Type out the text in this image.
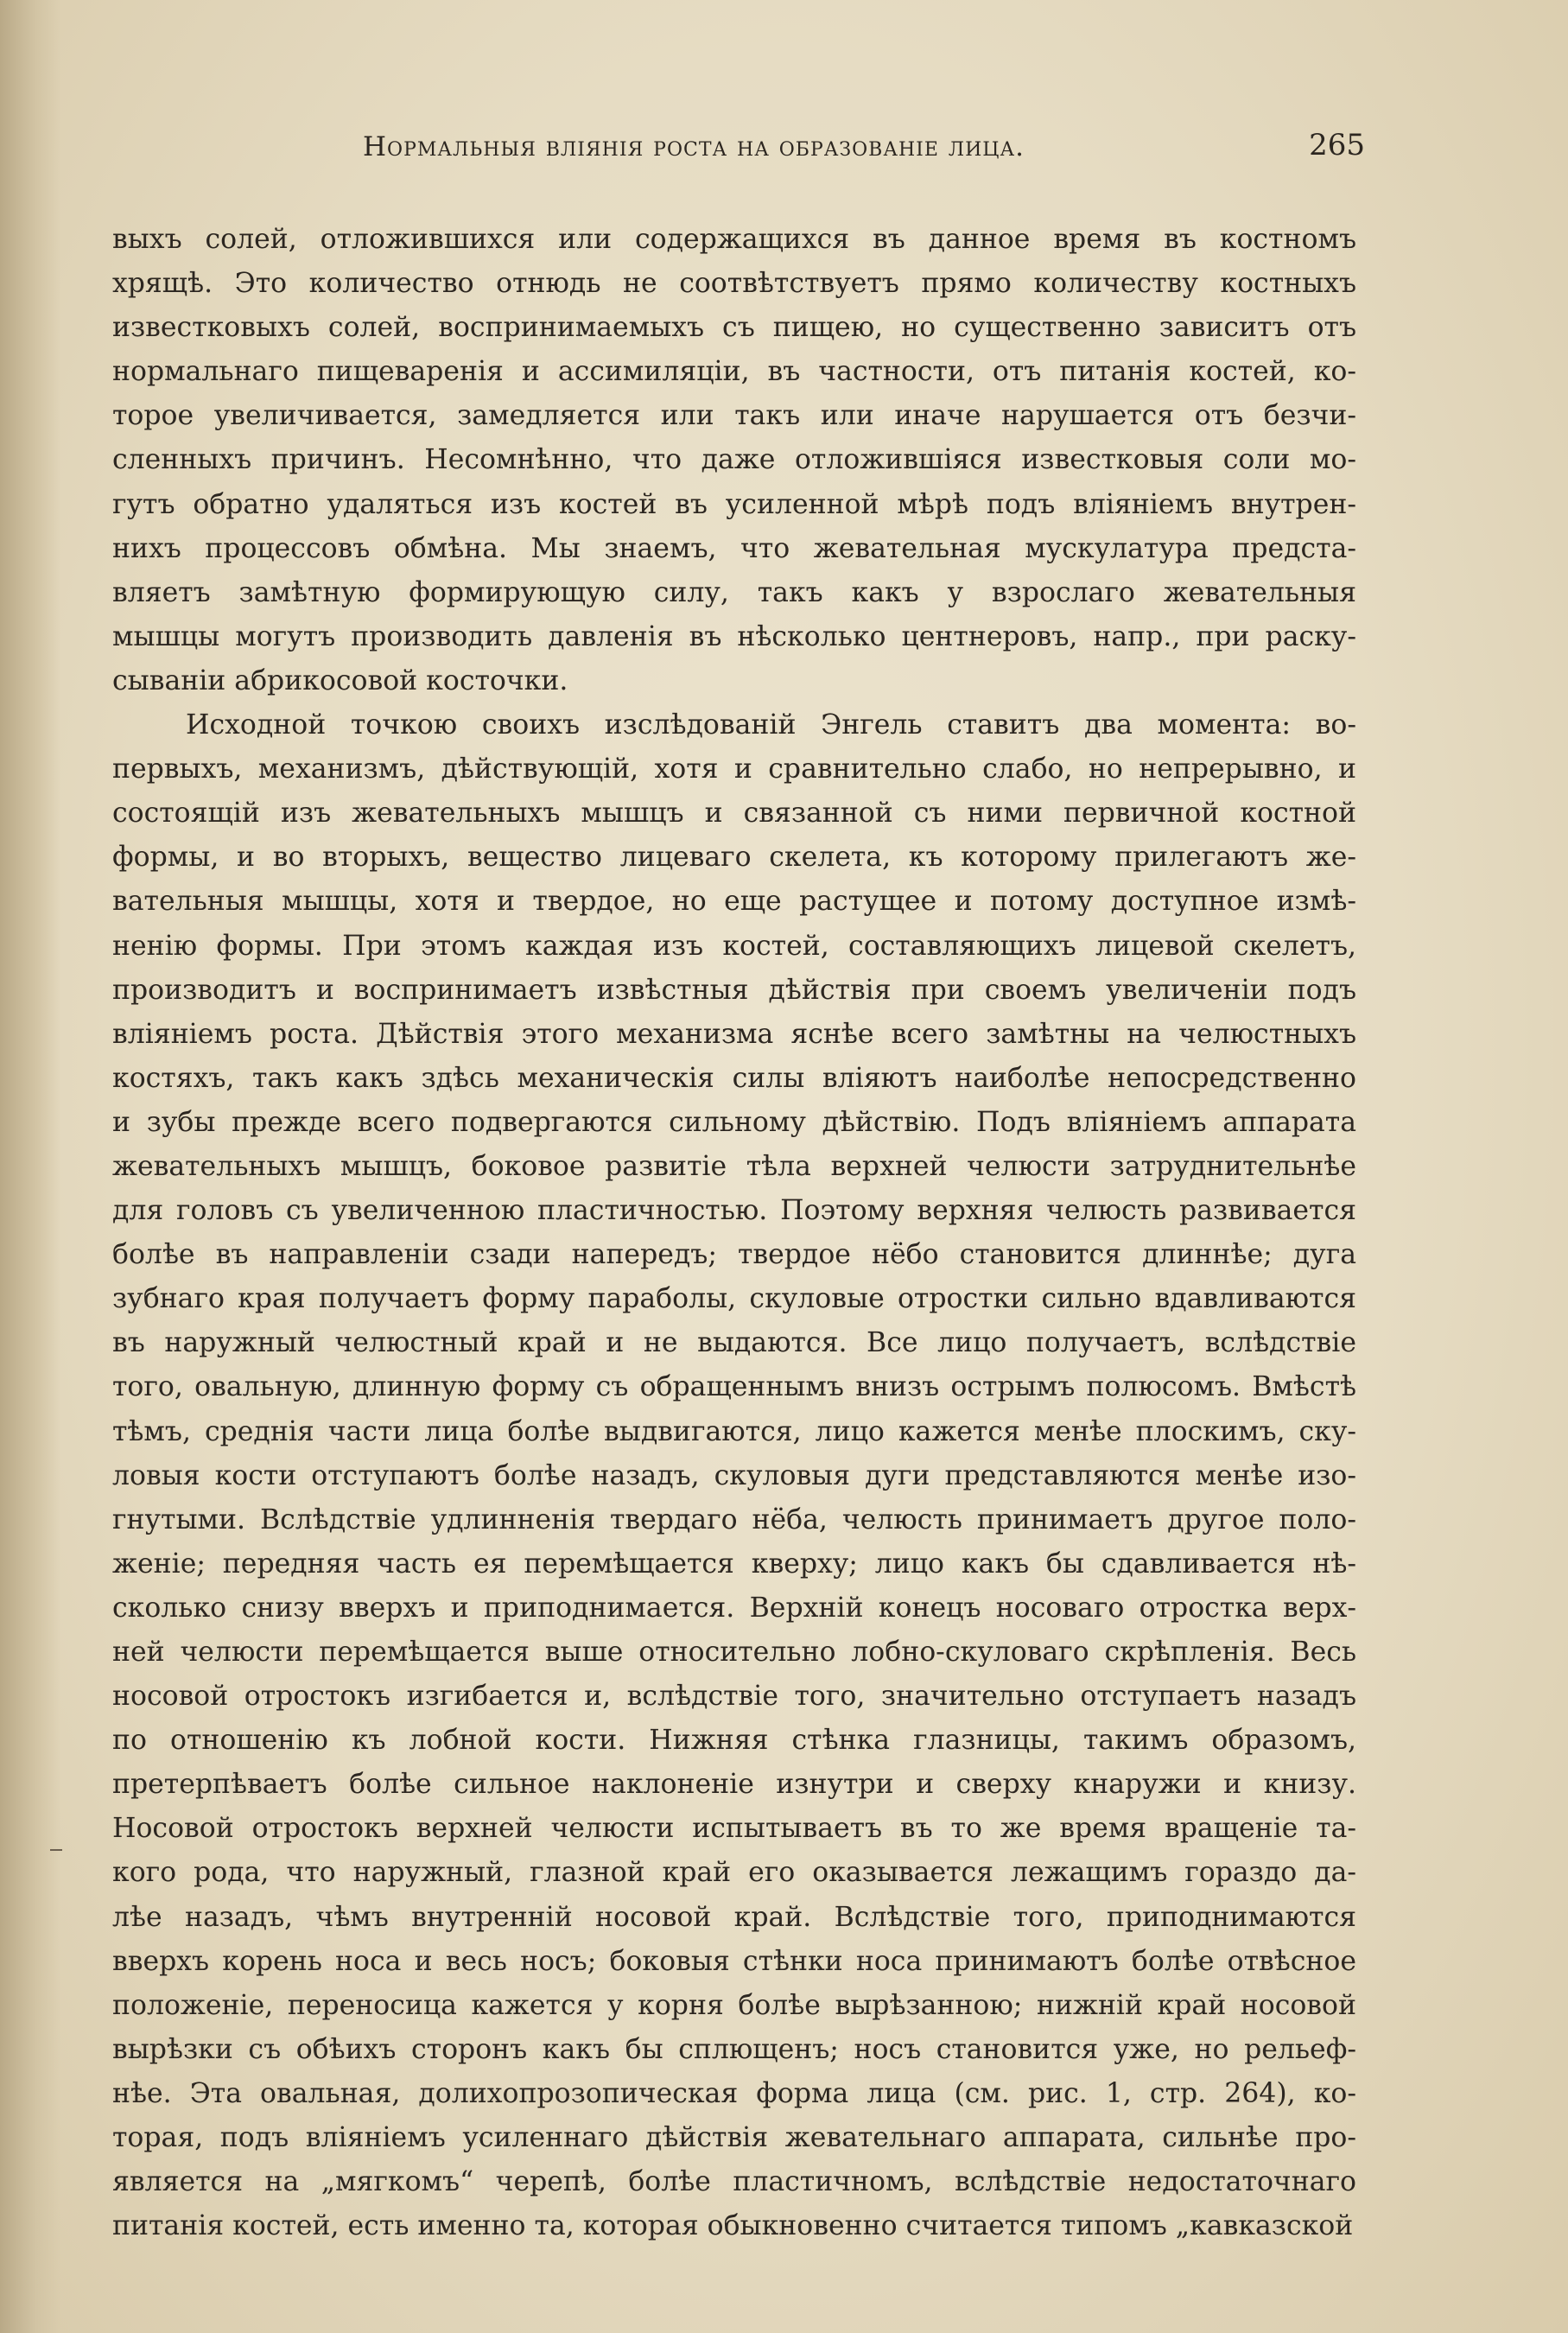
Нормальныя вліянія роста на образованіе лица.	265
выхъ солей, отложившихся или содержащихся въ данное время въ костномъ
хрящѣ. Это количество отнюдь не соотвѣтствуетъ прямо количеству костныхъ
известковыхъ солей, воспринимаемыхъ съ пищею, но существенно зависитъ отъ
нормальнаго пищеваренія и ассимиляціи, въ частности, отъ питанія костей, ко-
торое увеличивается, замедляется или такъ или иначе нарушается отъ безчи-
сленныхъ причинъ. Несомнѣнно, что даже отложившіяся известковыя соли мо-
гутъ обратно удаляться изъ костей въ усиленной мѣрѣ подъ вліяніемъ внутрен-
нихъ процессовъ обмѣна. Мы знаемъ, что жевательная мускулатура предста-
вляетъ замѣтную формирующую силу, такъ какъ у взрослаго жевательныя
мышцы могутъ производить давленія въ нѣсколько центнеровъ, напр., при раску-
сываніи абрикосовой косточки.
Исходной точкою своихъ изслѣдованій Энгель ставитъ два момента: во-
первыхъ, механизмъ, дѣйствующій, хотя и сравнительно слабо, но непрерывно, и
состоящій изъ жевательныхъ мышцъ и связанной съ ними первичной костной
формы, и во вторыхъ, вещество лицеваго скелета, къ которому прилегаютъ же-
вательныя мышцы, хотя и твердое, но еще растущее и потому доступное измѣ-
ненію формы. При этомъ каждая изъ костей, составляющихъ лицевой скелетъ,
производитъ и воспринимаетъ извѣстныя дѣйствія при своемъ увеличеніи подъ
вліяніемъ роста. Дѣйствія этого механизма яснѣе всего замѣтны на челюстныхъ
костяхъ, такъ какъ здѣсь механическія силы вліяютъ наиболѣе непосредственно
и зубы прежде всего подвергаются сильному дѣйствію. Подъ вліяніемъ аппарата
жевательныхъ мышцъ, боковое развитіе тѣла верхней челюсти затруднительнѣе
для головъ съ увеличенною пластичностью. Поэтому верхняя челюсть развивается
болѣе въ направленіи сзади напередъ; твердое нёбо становится длиннѣе; дуга
зубнаго края получаетъ форму параболы, скуловые отростки сильно вдавливаются
въ наружный челюстный край и не выдаются. Все лицо получаетъ, вслѣдствіе
того, овальную, длинную форму съ обращеннымъ внизъ острымъ полюсомъ. Вмѣстѣ
тѣмъ, среднія части лица болѣе выдвигаются, лицо кажется менѣе плоскимъ, ску-
ловыя кости отступаютъ болѣе назадъ, скуловыя дуги представляются менѣе изо-
гнутыми. Вслѣдствіе удлинненія твердаго нёба, челюсть принимаетъ другое поло-
женіе; передняя часть ея перемѣщается кверху; лицо какъ бы сдавливается нѣ-
сколько снизу вверхъ и приподнимается. Верхній конецъ носоваго отростка верх-
ней челюсти перемѣщается выше относительно лобно-скуловаго скрѣпленія. Весь
носовой отростокъ изгибается и, вслѣдствіе того, значительно отступаетъ назадъ
по отношенію къ лобной кости. Нижняя стѣнка глазницы, такимъ образомъ,
претерпѣваетъ болѣе сильное наклоненіе изнутри и сверху кнаружи и книзу.
Носовой отростокъ верхней челюсти испытываетъ въ то же время вращеніе та-
кого рода, что наружный, глазной край его оказывается лежащимъ гораздо да-
лѣе назадъ, чѣмъ внутренній носовой край. Вслѣдствіе того, приподнимаются
вверхъ корень носа и весь носъ; боковыя стѣнки носа принимаютъ болѣе отвѣсное
положеніе, переносица кажется у корня болѣе вырѣзанною; нижній край носовой
вырѣзки съ обѣихъ сторонъ какъ бы сплющенъ; носъ становится уже, но рельеф-
нѣе. Эта овальная, долихопрозопическая форма лица (см. рис. 1, стр. 264), ко-
торая, подъ вліяніемъ усиленнаго дѣйствія жевательнаго аппарата, сильнѣе про-
является на „мягкомъ“ черепѣ, болѣе пластичномъ, вслѣдствіе недостаточнаго
питанія костей, есть именно та, которая обыкновенно считается типомъ „кавказской
